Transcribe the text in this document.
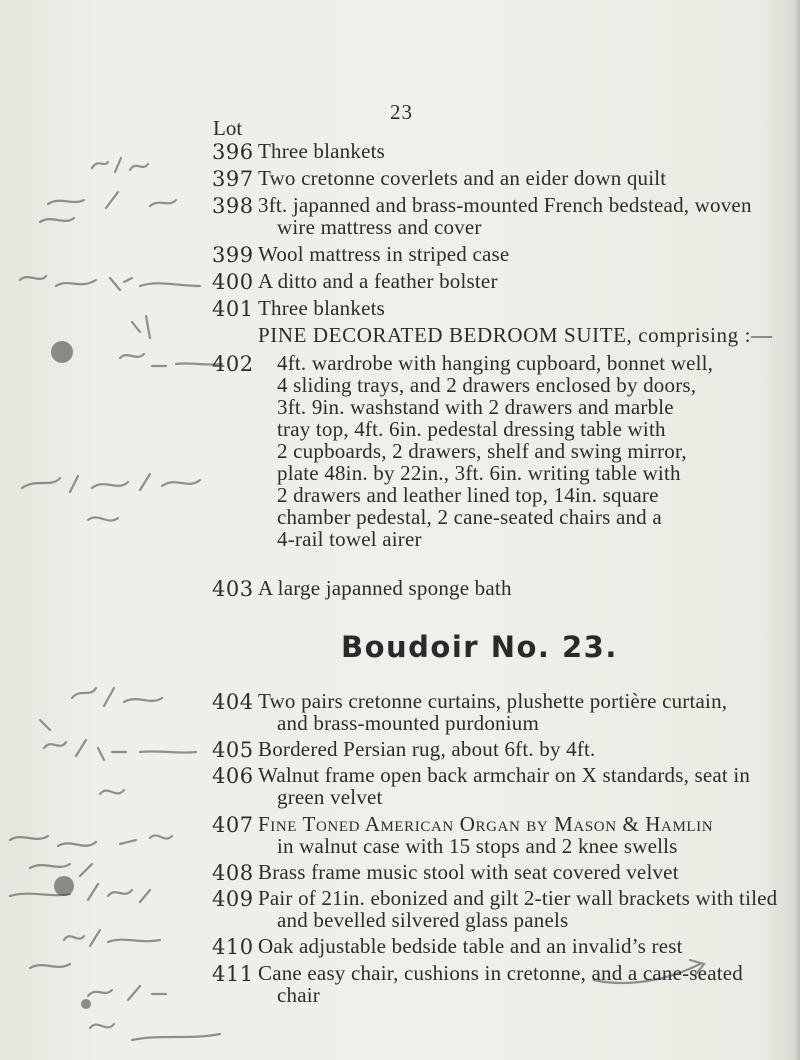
23
Lot
396 Three blankets
397 Two cretonne coverlets and an eider down quilt
398 3ft. japanned and brass-mounted French bedstead, woven
wire mattress and cover
399 Wool mattress in striped case
400 A ditto and a feather bolster
401 Three blankets
PINE DECORATED BEDROOM SUITE, comprising :—
402 4ft. wardrobe with hanging cupboard, bonnet well,
4 sliding trays, and 2 drawers enclosed by doors,
3ft. 9in. washstand with 2 drawers and marble
tray top, 4ft. 6in. pedestal dressing table with
2 cupboards, 2 drawers, shelf and swing mirror,
plate 48in. by 22in., 3ft. 6in. writing table with
2 drawers and leather lined top, 14in. square
chamber pedestal, 2 cane-seated chairs and a
4-rail towel airer
403 A large japanned sponge bath
Boudoir No. 23.
404 Two pairs cretonne curtains, plushette portière curtain,
and brass-mounted purdonium
405 Bordered Persian rug, about 6ft. by 4ft.
406 Walnut frame open back armchair on X standards, seat in
green velvet
407 Fine Toned American Organ by Mason & Hamlin
in walnut case with 15 stops and 2 knee swells
408 Brass frame music stool with seat covered velvet
409 Pair of 21in. ebonized and gilt 2-tier wall brackets with tiled
and bevelled silvered glass panels
410 Oak adjustable bedside table and an invalid’s rest
411 Cane easy chair, cushions in cretonne, and a cane-seated
chair
